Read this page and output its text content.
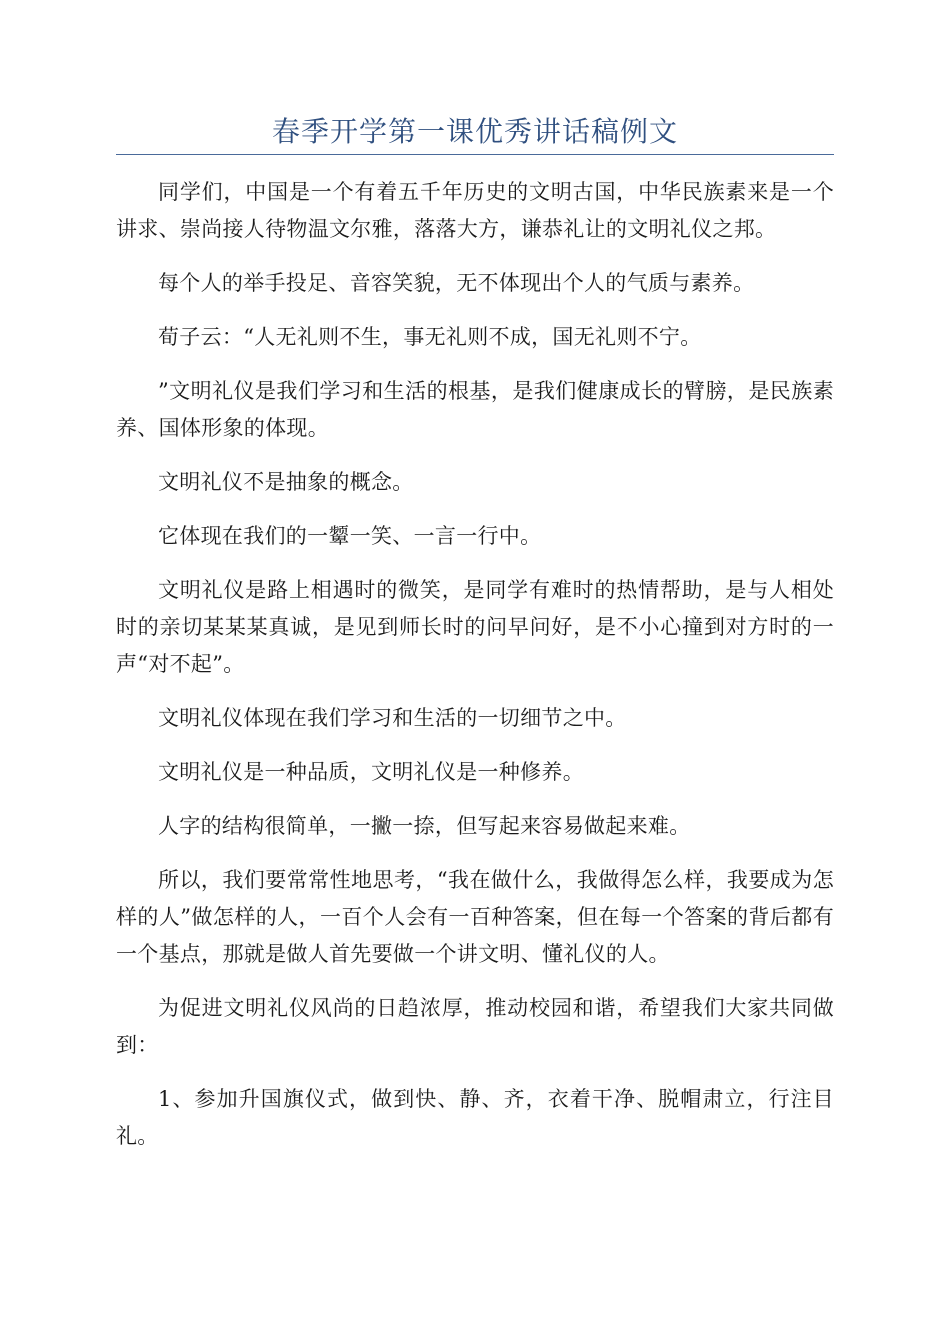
春季开学第一课优秀讲话稿例文

同学们，中国是一个有着五千年历史的文明古国，中华民族素来是一个讲求、崇尚接人待物温文尔雅，落落大方，谦恭礼让的文明礼仪之邦。

每个人的举手投足、音容笑貌，无不体现出个人的气质与素养。

荀子云：“人无礼则不生，事无礼则不成，国无礼则不宁。

”文明礼仪是我们学习和生活的根基，是我们健康成长的臂膀，是民族素养、国体形象的体现。

文明礼仪不是抽象的概念。

它体现在我们的一颦一笑、一言一行中。

文明礼仪是路上相遇时的微笑，是同学有难时的热情帮助，是与人相处时的亲切某某某真诚，是见到师长时的问早问好，是不小心撞到对方时的一声“对不起”。

文明礼仪体现在我们学习和生活的一切细节之中。

文明礼仪是一种品质，文明礼仪是一种修养。

人字的结构很简单，一撇一捺，但写起来容易做起来难。

所以，我们要常常性地思考，“我在做什么，我做得怎么样，我要成为怎样的人”做怎样的人，一百个人会有一百种答案，但在每一个答案的背后都有一个基点，那就是做人首先要做一个讲文明、懂礼仪的人。

为促进文明礼仪风尚的日趋浓厚，推动校园和谐，希望我们大家共同做到：

1、参加升国旗仪式，做到快、静、齐，衣着干净、脱帽肃立，行注目礼。
